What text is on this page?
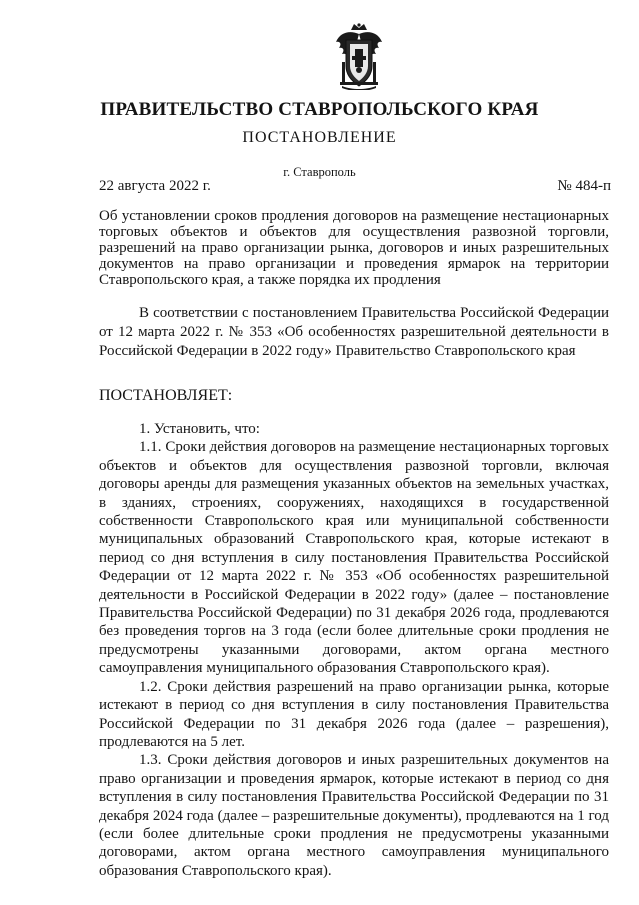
ПРАВИТЕЛЬСТВО СТАВРОПОЛЬСКОГО КРАЯ
ПОСТАНОВЛЕНИЕ
г. Ставрополь
22 августа 2022 г.	№ 484-п
Об установлении сроков продления договоров на размещение нестационарных торговых объектов и объектов для осуществления развозной торговли, разрешений на право организации рынка, договоров и иных разрешительных документов на право организации и проведения ярмарок на территории Ставропольского края, а также порядка их продления
В соответствии с постановлением Правительства Российской Федерации от 12 марта 2022 г. № 353 «Об особенностях разрешительной деятельности в Российской Федерации в 2022 году» Правительство Ставропольского края
ПОСТАНОВЛЯЕТ:

1. Установить, что:

1.1. Сроки действия договоров на размещение нестационарных торговых объектов и объектов для осуществления развозной торговли, включая договоры аренды для размещения указанных объектов на земельных участках, в зданиях, строениях, сооружениях, находящихся в государственной собственности Ставропольского края или муниципальной собственности муниципальных образований Ставропольского края, которые истекают в период со дня вступления в силу постановления Правительства Российской Федерации от 12 марта 2022 г. № 353 «Об особенностях разрешительной деятельности в Российской Федерации в 2022 году» (далее – постановление Правительства Российской Федерации) по 31 декабря 2026 года, продлеваются без проведения торгов на 3 года (если более длительные сроки продления не предусмотрены указанными договорами, актом органа местного самоуправления муниципального образования Ставропольского края).

1.2. Сроки действия разрешений на право организации рынка, которые истекают в период со дня вступления в силу постановления Правительства Российской Федерации по 31 декабря 2026 года (далее – разрешения), продлеваются на 5 лет.

1.3. Сроки действия договоров и иных разрешительных документов на право организации и проведения ярмарок, которые истекают в период со дня вступления в силу постановления Правительства Российской Федерации по 31 декабря 2024 года (далее – разрешительные документы), продлеваются на 1 год (если более длительные сроки продления не предусмотрены указанными договорами, актом органа местного самоуправления муниципального образования Ставропольского края).
